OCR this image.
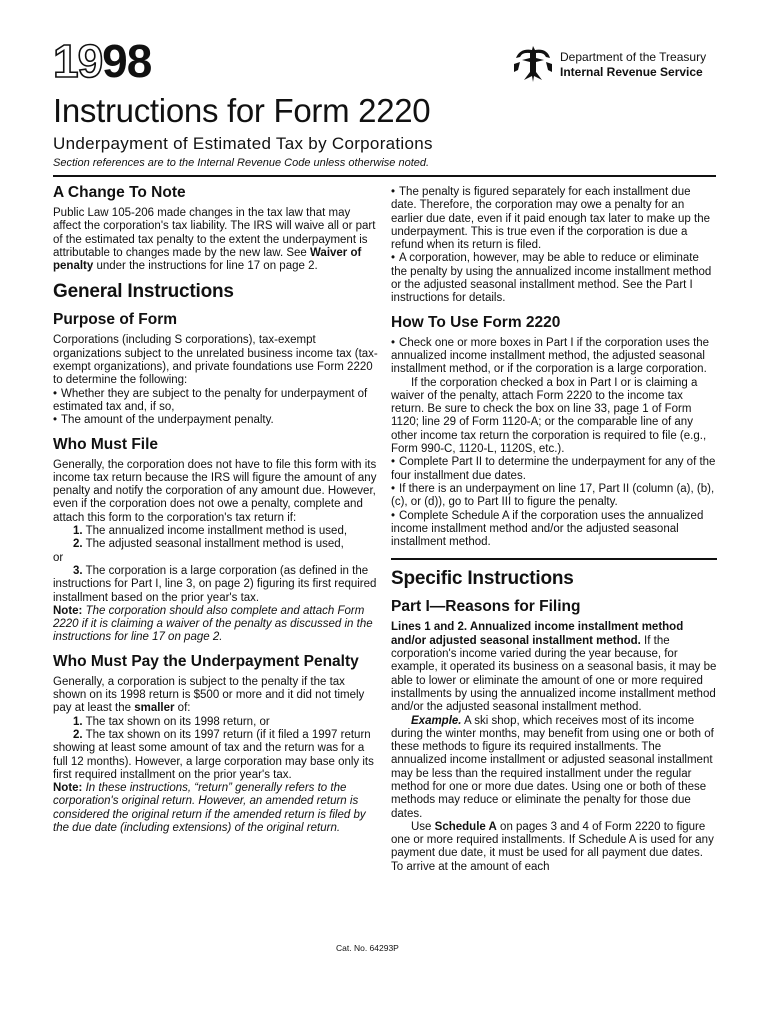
1998	Department of the Treasury
Internal Revenue Service
Instructions for Form 2220
Underpayment of Estimated Tax by Corporations
Section references are to the Internal Revenue Code unless otherwise noted.
A Change To Note

Public Law 105-206 made changes in the tax law that may affect the corporation's tax liability. The IRS will waive all or part of the estimated tax penalty to the extent the underpayment is attributable to changes made by the new law. See Waiver of penalty under the instructions for line 17 on page 2.

General Instructions
Purpose of Form

Corporations (including S corporations), tax-exempt organizations subject to the unrelated business income tax (tax-exempt organizations), and private foundations use Form 2220 to determine the following:

• Whether they are subject to the penalty for underpayment of estimated tax and, if so,

• The amount of the underpayment penalty.

Who Must File

Generally, the corporation does not have to file this form with its income tax return because the IRS will figure the amount of any penalty and notify the corporation of any amount due. However, even if the corporation does not owe a penalty, complete and attach this form to the corporation's tax return if:

1. The annualized income installment method is used,

2. The adjusted seasonal installment method is used,

or

3. The corporation is a large corporation (as defined in the instructions for Part I, line 3, on page 2) figuring its first required installment based on the prior year's tax.

Note: The corporation should also complete and attach Form 2220 if it is claiming a waiver of the penalty as discussed in the instructions for line 17 on page 2.

Who Must Pay the Underpayment Penalty

Generally, a corporation is subject to the penalty if the tax shown on its 1998 return is $500 or more and it did not timely pay at least the smaller of:

1. The tax shown on its 1998 return, or

2. The tax shown on its 1997 return (if it filed a 1997 return showing at least some amount of tax and the return was for a full 12 months). However, a large corporation may base only its first required installment on the prior year's tax.

Note: In these instructions, “return” generally refers to the corporation's original return. However, an amended return is considered the original return if the amended return is filed by the due date (including extensions) of the original return.

• The penalty is figured separately for each installment due date. Therefore, the corporation may owe a penalty for an earlier due date, even if it paid enough tax later to make up the underpayment. This is true even if the corporation is due a refund when its return is filed.

• A corporation, however, may be able to reduce or eliminate the penalty by using the annualized income installment method or the adjusted seasonal installment method. See the Part I instructions for details.

How To Use Form 2220

• Check one or more boxes in Part I if the corporation uses the annualized income installment method, the adjusted seasonal installment method, or if the corporation is a large corporation.

If the corporation checked a box in Part I or is claiming a waiver of the penalty, attach Form 2220 to the income tax return. Be sure to check the box on line 33, page 1 of Form 1120; line 29 of Form 1120-A; or the comparable line of any other income tax return the corporation is required to file (e.g., Form 990-C, 1120-L, 1120S, etc.).

• Complete Part II to determine the underpayment for any of the four installment due dates.

• If there is an underpayment on line 17, Part II (column (a), (b), (c), or (d)), go to Part III to figure the penalty.

• Complete Schedule A if the corporation uses the annualized income installment method and/or the adjusted seasonal installment method.

Specific Instructions
Part I—Reasons for Filing

Lines 1 and 2. Annualized income installment method and/or adjusted seasonal installment method. If the corporation's income varied during the year because, for example, it operated its business on a seasonal basis, it may be able to lower or eliminate the amount of one or more required installments by using the annualized income installment method and/or the adjusted seasonal installment method.

Example. A ski shop, which receives most of its income during the winter months, may benefit from using one or both of these methods to figure its required installments. The annualized income installment or adjusted seasonal installment may be less than the required installment under the regular method for one or more due dates. Using one or both of these methods may reduce or eliminate the penalty for those due dates.

Use Schedule A on pages 3 and 4 of Form 2220 to figure one or more required installments. If Schedule A is used for any payment due date, it must be used for all payment due dates. To arrive at the amount of each

Cat. No. 64293P
